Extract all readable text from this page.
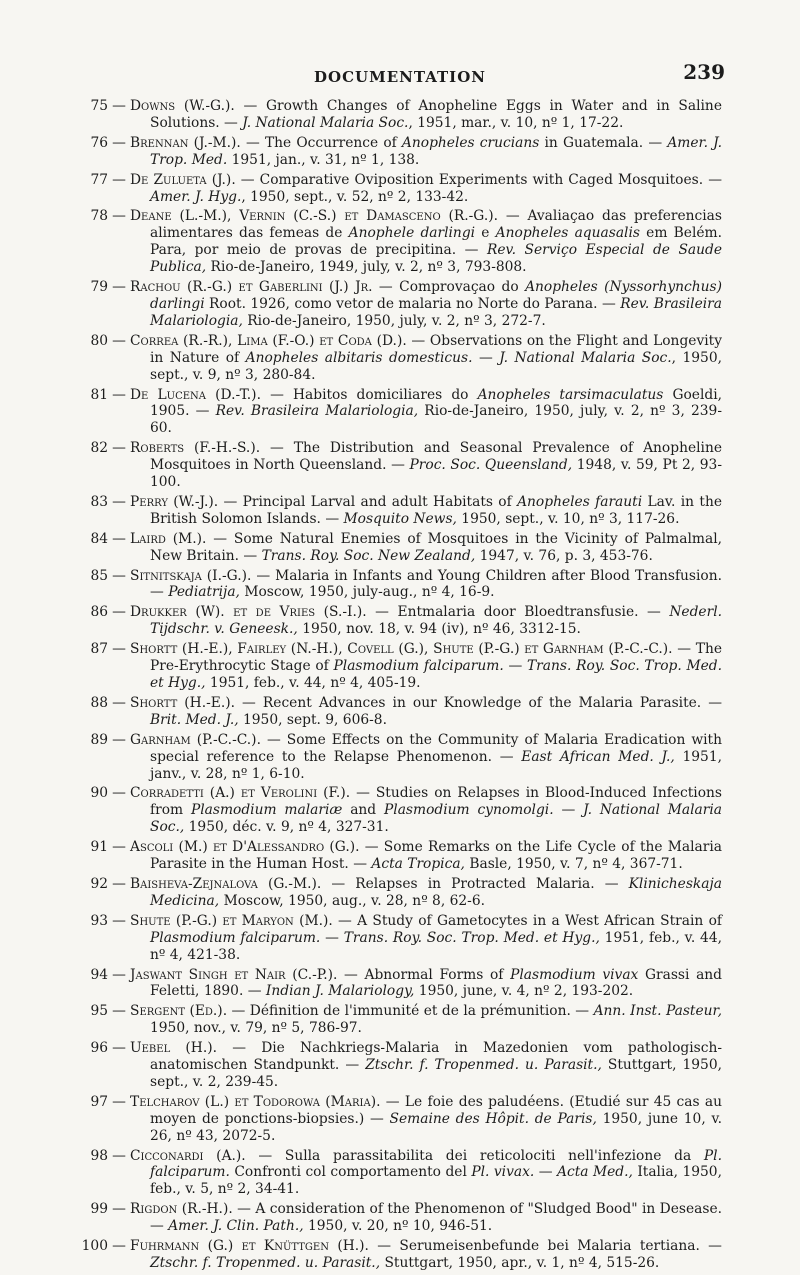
DOCUMENTATION	239
75 — Downs (W.-G.). — Growth Changes of Anopheline Eggs in Water and in Saline Solutions. — J. National Malaria Soc., 1951, mar., v. 10, nº 1, 17-22.
76 — Brennan (J.-M.). — The Occurrence of Anopheles crucians in Guatemala. — Amer. J. Trop. Med. 1951, jan., v. 31, nº 1, 138.
77 — De Zulueta (J.). — Comparative Oviposition Experiments with Caged Mosquitoes. — Amer. J. Hyg., 1950, sept., v. 52, nº 2, 133-42.
78 — Deane (L.-M.), Vernin (C.-S.) et Damasceno (R.-G.). — Avaliaçao das preferencias alimentares das femeas de Anophele darlingi e Anopheles aquasalis em Belém. Para, por meio de provas de precipitina. — Rev. Serviço Especial de Saude Publica, Rio-de-Janeiro, 1949, july, v. 2, nº 3, 793-808.
79 — Rachou (R.-G.) et Gaberlini (J.) Jr. — Comprovaçao do Anopheles (Nyssorhynchus) darlingi Root. 1926, como vetor de malaria no Norte do Parana. — Rev. Brasileira Malariologia, Rio-de-Janeiro, 1950, july, v. 2, nº 3, 272-7.
80 — Correa (R.-R.), Lima (F.-O.) et Coda (D.). — Observations on the Flight and Longevity in Nature of Anopheles albitaris domesticus. — J. National Malaria Soc., 1950, sept., v. 9, nº 3, 280-84.
81 — De Lucena (D.-T.). — Habitos domiciliares do Anopheles tarsimaculatus Goeldi, 1905. — Rev. Brasileira Malariologia, Rio-de-Janeiro, 1950, july, v. 2, nº 3, 239-60.
82 — Roberts (F.-H.-S.). — The Distribution and Seasonal Prevalence of Anopheline Mosquitoes in North Queensland. — Proc. Soc. Queensland, 1948, v. 59, Pt 2, 93-100.
83 — Perry (W.-J.). — Principal Larval and adult Habitats of Anopheles farauti Lav. in the British Solomon Islands. — Mosquito News, 1950, sept., v. 10, nº 3, 117-26.
84 — Laird (M.). — Some Natural Enemies of Mosquitoes in the Vicinity of Palmalmal, New Britain. — Trans. Roy. Soc. New Zealand, 1947, v. 76, p. 3, 453-76.
85 — Sitnitskaja (I.-G.). — Malaria in Infants and Young Children after Blood Transfusion. — Pediatrija, Moscow, 1950, july-aug., nº 4, 16-9.
86 — Drukker (W). et de Vries (S.-I.). — Entmalaria door Bloedtransfusie. — Nederl. Tijdschr. v. Geneesk., 1950, nov. 18, v. 94 (iv), nº 46, 3312-15.
87 — Shortt (H.-E.), Fairley (N.-H.), Covell (G.), Shute (P.-G.) et Garnham (P.-C.-C.). — The Pre-Erythrocytic Stage of Plasmodium falciparum. — Trans. Roy. Soc. Trop. Med. et Hyg., 1951, feb., v. 44, nº 4, 405-19.
88 — Shortt (H.-E.). — Recent Advances in our Knowledge of the Malaria Parasite. — Brit. Med. J., 1950, sept. 9, 606-8.
89 — Garnham (P.-C.-C.). — Some Effects on the Community of Malaria Eradication with special reference to the Relapse Phenomenon. — East African Med. J., 1951, janv., v. 28, nº 1, 6-10.
90 — Corradetti (A.) et Verolini (F.). — Studies on Relapses in Blood-Induced Infections from Plasmodium malariæ and Plasmodium cynomolgi. — J. National Malaria Soc., 1950, déc. v. 9, nº 4, 327-31.
91 — Ascoli (M.) et D'Alessandro (G.). — Some Remarks on the Life Cycle of the Malaria Parasite in the Human Host. — Acta Tropica, Basle, 1950, v. 7, nº 4, 367-71.
92 — Baisheva-Zejnalova (G.-M.). — Relapses in Protracted Malaria. — Klinicheskaja Medicina, Moscow, 1950, aug., v. 28, nº 8, 62-6.
93 — Shute (P.-G.) et Maryon (M.). — A Study of Gametocytes in a West African Strain of Plasmodium falciparum. — Trans. Roy. Soc. Trop. Med. et Hyg., 1951, feb., v. 44, nº 4, 421-38.
94 — Jaswant Singh et Nair (C.-P.). — Abnormal Forms of Plasmodium vivax Grassi and Feletti, 1890. — Indian J. Malariology, 1950, june, v. 4, nº 2, 193-202.
95 — Sergent (Ed.). — Définition de l'immunité et de la prémunition. — Ann. Inst. Pasteur, 1950, nov., v. 79, nº 5, 786-97.
96 — Uebel (H.). — Die Nachkriegs-Malaria in Mazedonien vom pathologisch-anatomischen Standpunkt. — Ztschr. f. Tropenmed. u. Parasit., Stuttgart, 1950, sept., v. 2, 239-45.
97 — Telcharov (L.) et Todorowa (Maria). — Le foie des paludéens. (Etudié sur 45 cas au moyen de ponctions-biopsies.) — Semaine des Hôpit. de Paris, 1950, june 10, v. 26, nº 43, 2072-5.
98 — Cicconardi (A.). — Sulla parassitabilita dei reticolociti nell'infezione da Pl. falciparum. Confronti col comportamento del Pl. vivax. — Acta Med., Italia, 1950, feb., v. 5, nº 2, 34-41.
99 — Rigdon (R.-H.). — A consideration of the Phenomenon of "Sludged Bood" in Desease. — Amer. J. Clin. Path., 1950, v. 20, nº 10, 946-51.
100 — Fuhrmann (G.) et Knüttgen (H.). — Serumeisenbefunde bei Malaria tertiana. — Ztschr. f. Tropenmed. u. Parasit., Stuttgart, 1950, apr., v. 1, nº 4, 515-26.
